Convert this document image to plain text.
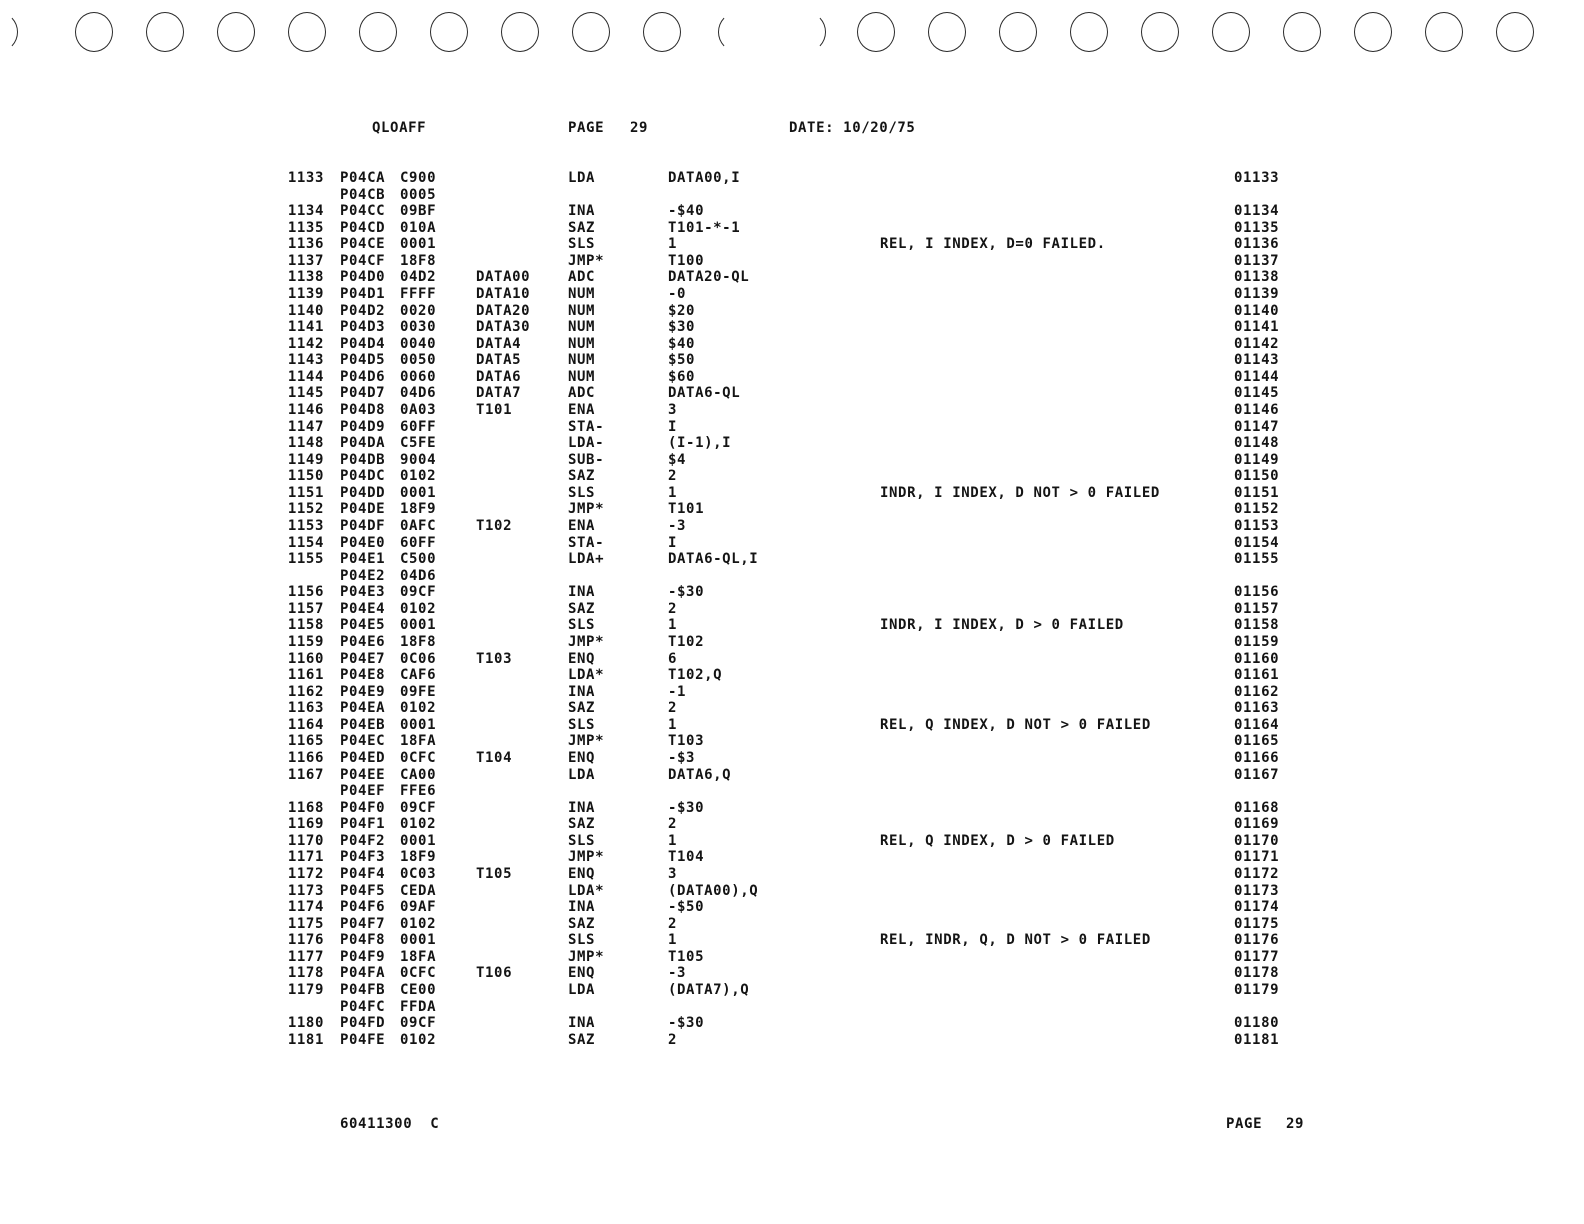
QLOAFF	PAGE 29	DATE: 10/20/75
1133 P04CA C900	LDA	DATA00,I	01133
P04CB 0005
1134 P04CC 09BF	INA	-$40	01134
1135 P04CD 010A	SAZ	T101-*-1	01135
1136 P04CE 0001	SLS	1	REL, I INDEX, D=0 FAILED.	01136
1137 P04CF 18F8	JMP*	T100	01137
1138 P04D0 04D2	DATA00	ADC	DATA20-QL	01138
1139 P04D1 FFFF	DATA10	NUM	-0	01139
1140 P04D2 0020	DATA20	NUM	$20	01140
1141 P04D3 0030	DATA30	NUM	$30	01141
1142 P04D4 0040	DATA4	NUM	$40	01142
1143 P04D5 0050	DATA5	NUM	$50	01143
1144 P04D6 0060	DATA6	NUM	$60	01144
1145 P04D7 04D6	DATA7	ADC	DATA6-QL	01145
1146 P04D8 0A03	T101	ENA	3	01146
1147 P04D9 60FF	STA-	I	01147
1148 P04DA C5FE	LDA-	(I-1),I	01148
1149 P04DB 9004	SUB-	$4	01149
1150 P04DC 0102	SAZ	2	01150
1151 P04DD 0001	SLS	1	INDR, I INDEX, D NOT > 0 FAILED	01151
1152 P04DE 18F9	JMP*	T101	01152
1153 P04DF 0AFC	T102	ENA	-3	01153
1154 P04E0 60FF	STA-	I	01154
1155 P04E1 C500	LDA+	DATA6-QL,I	01155
P04E2 04D6
1156 P04E3 09CF	INA	-$30	01156
1157 P04E4 0102	SAZ	2	01157
1158 P04E5 0001	SLS	1	INDR, I INDEX, D > 0 FAILED	01158
1159 P04E6 18F8	JMP*	T102	01159
1160 P04E7 0C06	T103	ENQ	6	01160
1161 P04E8 CAF6	LDA*	T102,Q	01161
1162 P04E9 09FE	INA	-1	01162
1163 P04EA 0102	SAZ	2	01163
1164 P04EB 0001	SLS	1	REL, Q INDEX, D NOT > 0 FAILED	01164
1165 P04EC 18FA	JMP*	T103	01165
1166 P04ED 0CFC	T104	ENQ	-$3	01166
1167 P04EE CA00	LDA	DATA6,Q	01167
P04EF FFE6
1168 P04F0 09CF	INA	-$30	01168
1169 P04F1 0102	SAZ	2	01169
1170 P04F2 0001	SLS	1	REL, Q INDEX, D > 0 FAILED	01170
1171 P04F3 18F9	JMP*	T104	01171
1172 P04F4 0C03	T105	ENQ	3	01172
1173 P04F5 CEDA	LDA*	(DATA00),Q	01173
1174 P04F6 09AF	INA	-$50	01174
1175 P04F7 0102	SAZ	2	01175
1176 P04F8 0001	SLS	1	REL, INDR, Q, D NOT > 0 FAILED	01176
1177 P04F9 18FA	JMP*	T105	01177
1178 P04FA 0CFC	T106	ENQ	-3	01178
1179 P04FB CE00	LDA	(DATA7),Q	01179
P04FC FFDA
1180 P04FD 09CF	INA	-$30	01180
1181 P04FE 0102	SAZ	2	01181
60411300  C	PAGE 29
